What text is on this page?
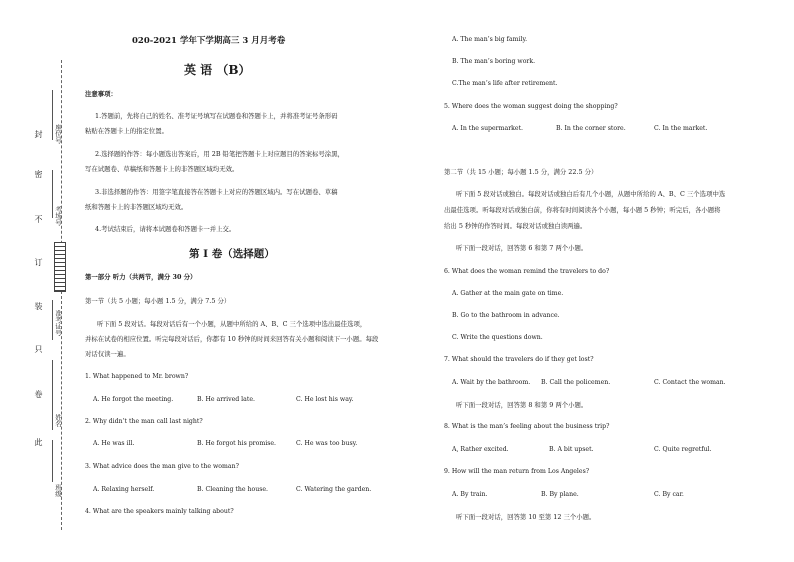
封
密
不
订
装
只
卷
此
座位号
考场号
准考证号
姓名
班级
020-2021 学年下学期高三 3 月月考卷
英 语 （B）
注意事项：
1.答题前，先将自己的姓名、准考证号填写在试题卷和答题卡上，并将准考证号条形码
粘贴在答题卡上的指定位置。
2.选择题的作答：每小题选出答案后，用 2B 铅笔把答题卡上对应题目的答案标号涂黑，
写在试题卷、草稿纸和答题卡上的非答题区域均无效。
3.非选择题的作答：用签字笔直接答在答题卡上对应的答题区域内。写在试题卷、草稿
纸和答题卡上的非答题区域均无效。
4.考试结束后，请将本试题卷和答题卡一并上交。
第 I 卷（选择题）
第一部分 听力（共两节，满分 30 分）
第一节（共 5 小题；每小题 1.5 分，满分 7.5 分）
听下面 5 段对话。每段对话后有一个小题，从题中所给的 A、B、C 三个选项中选出最佳选项，
并标在试卷的相应位置。听完每段对话后，你都有 10 秒钟的时间来回答有关小题和阅读下一小题。每段
对话仅读一遍。
1. What happened to Mr. brown?
A. He forgot the meeting.	B. He arrived late.	C. He lost his way.
2. Why didn’t the man call last night?
A. He was ill.	B. He forgot his promise.	C. He was too busy.
3. What advice does the man give to the woman?
A. Relaxing herself.	B. Cleaning the house.	C. Watering the garden.
4. What are the speakers mainly talking about?
A. The man’s big family.
B. The man’s boring work.
C.The man’s life after retirement.
5. Where does the woman suggest doing the shopping?
A. In the supermarket.	B. In the corner store.	C. In the market.
第二节（共 15 小题；每小题 1.5 分，满分 22.5 分）
听下面 5 段对话或独白。每段对话或独白后有几个小题，从题中所给的 A、B、C 三个选项中选
出最佳选项。听每段对话或独白前，你将有时间阅读各个小题，每小题 5 秒钟；听完后，各小题将
给出 5 秒钟的作答时间。每段对话或独白读两遍。
听下面一段对话，回答第 6 和第 7 两个小题。
6. What does the woman remind the travelers to do?
A. Gather at the main gate on time.
B. Go to the bathroom in advance.
C. Write the questions down.
7. What should the travelers do if they get lost?
A. Wait by the bathroom. B. Call the policemen.	C. Contact the woman.
听下面一段对话，回答第 8 和第 9 两个小题。
8. What is the man’s feeling about the business trip?
A, Rather excited.	B. A bit upset.	C. Quite regretful.
9. How will the man return from Los Angeles?
A. By train.	B. By plane.	C. By car.
听下面一段对话，回答第 10 至第 12 三个小题。
